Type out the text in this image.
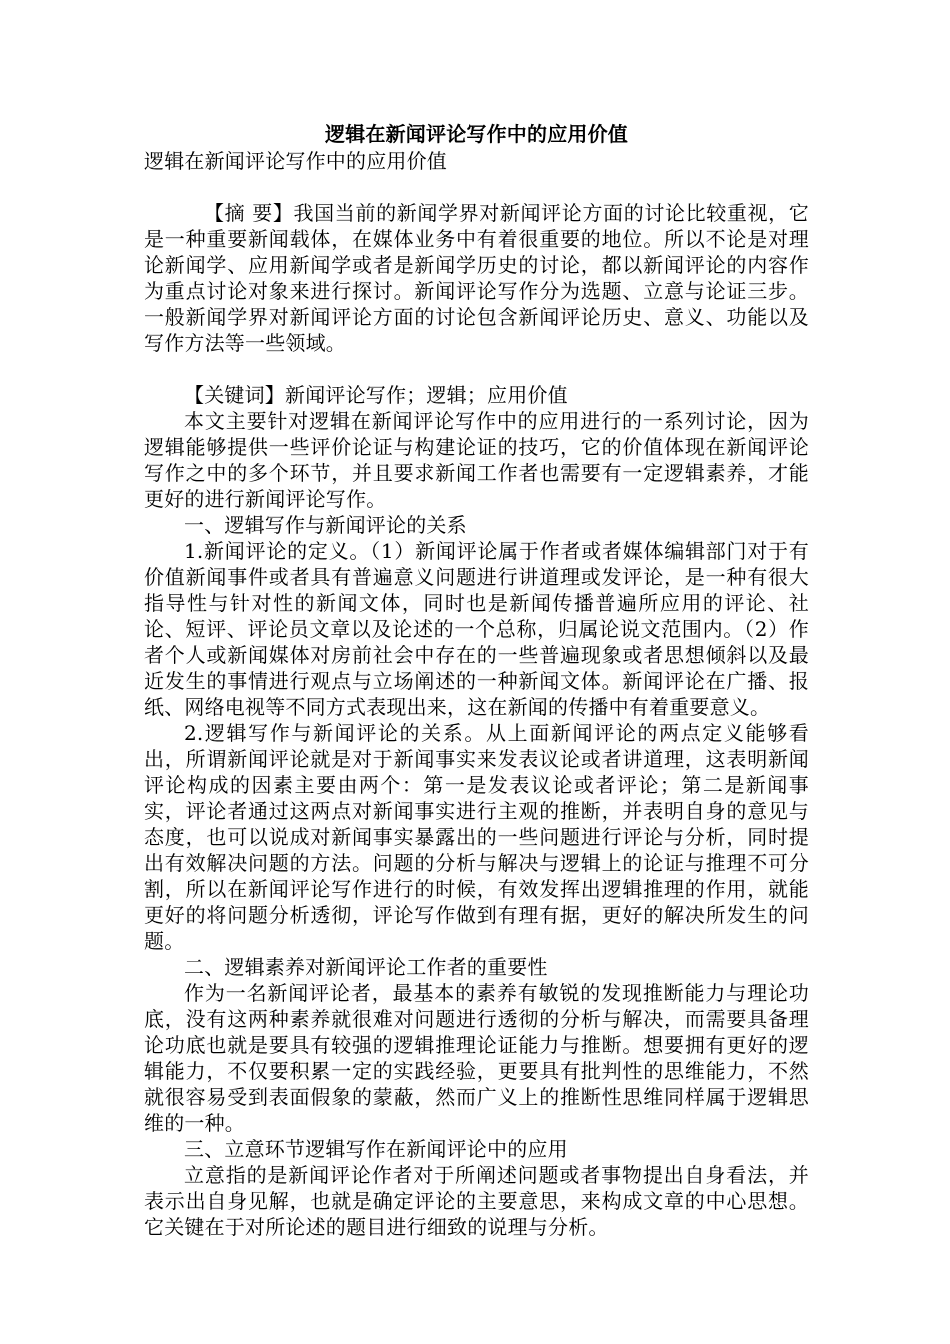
逻辑在新闻评论写作中的应用价值

逻辑在新闻评论写作中的应用价值

【摘 要】我国当前的新闻学界对新闻评论方面的讨论比较重视，它是一种重要新闻载体，在媒体业务中有着很重要的地位。所以不论是对理论新闻学、应用新闻学或者是新闻学历史的讨论，都以新闻评论的内容作为重点讨论对象来进行探讨。新闻评论写作分为选题、立意与论证三步。一般新闻学界对新闻评论方面的讨论包含新闻评论历史、意义、功能以及写作方法等一些领域。

【关键词】新闻评论写作；逻辑；应用价值

本文主要针对逻辑在新闻评论写作中的应用进行的一系列讨论，因为逻辑能够提供一些评价论证与构建论证的技巧，它的价值体现在新闻评论写作之中的多个环节，并且要求新闻工作者也需要有一定逻辑素养，才能更好的进行新闻评论写作。

一、逻辑写作与新闻评论的关系

1.新闻评论的定义。（1）新闻评论属于作者或者媒体编辑部门对于有价值新闻事件或者具有普遍意义问题进行讲道理或发评论，是一种有很大指导性与针对性的新闻文体，同时也是新闻传播普遍所应用的评论、社论、短评、评论员文章以及论述的一个总称，归属论说文范围内。（2）作者个人或新闻媒体对房前社会中存在的一些普遍现象或者思想倾斜以及最近发生的事情进行观点与立场阐述的一种新闻文体。新闻评论在广播、报纸、网络电视等不同方式表现出来，这在新闻的传播中有着重要意义。

2.逻辑写作与新闻评论的关系。从上面新闻评论的两点定义能够看出，所谓新闻评论就是对于新闻事实来发表议论或者讲道理，这表明新闻评论构成的因素主要由两个：第一是发表议论或者评论；第二是新闻事实，评论者通过这两点对新闻事实进行主观的推断，并表明自身的意见与态度，也可以说成对新闻事实暴露出的一些问题进行评论与分析，同时提出有效解决问题的方法。问题的分析与解决与逻辑上的论证与推理不可分割，所以在新闻评论写作进行的时候，有效发挥出逻辑推理的作用，就能更好的将问题分析透彻，评论写作做到有理有据，更好的解决所发生的问题。

二、逻辑素养对新闻评论工作者的重要性

作为一名新闻评论者，最基本的素养有敏锐的发现推断能力与理论功底，没有这两种素养就很难对问题进行透彻的分析与解决，而需要具备理论功底也就是要具有较强的逻辑推理论证能力与推断。想要拥有更好的逻辑能力，不仅要积累一定的实践经验，更要具有批判性的思维能力，不然就很容易受到表面假象的蒙蔽，然而广义上的推断性思维同样属于逻辑思维的一种。

三、立意环节逻辑写作在新闻评论中的应用

立意指的是新闻评论作者对于所阐述问题或者事物提出自身看法，并表示出自身见解，也就是确定评论的主要意思，来构成文章的中心思想。它关键在于对所论述的题目进行细致的说理与分析。
